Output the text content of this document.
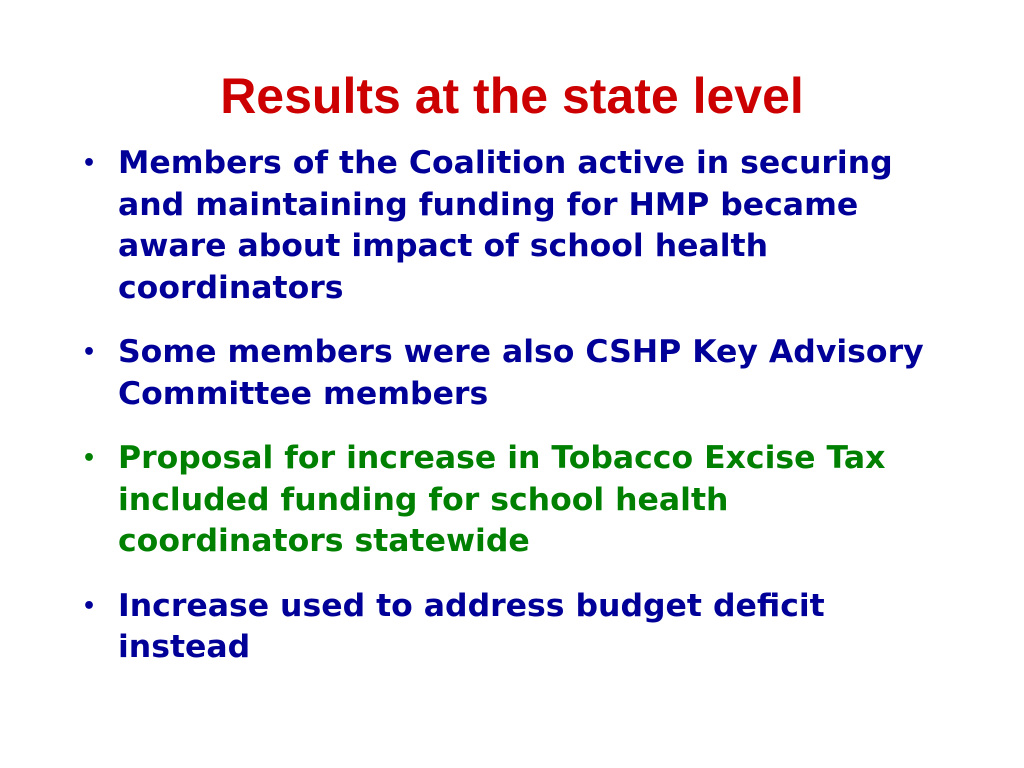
Results at the state level
• Members of the Coalition active in securing and maintaining funding for HMP became aware about impact of school health coordinators
• Some members were also CSHP Key Advisory Committee members
• Proposal for increase in Tobacco Excise Tax included funding for school health coordinators statewide
• Increase used to address budget deficit instead
